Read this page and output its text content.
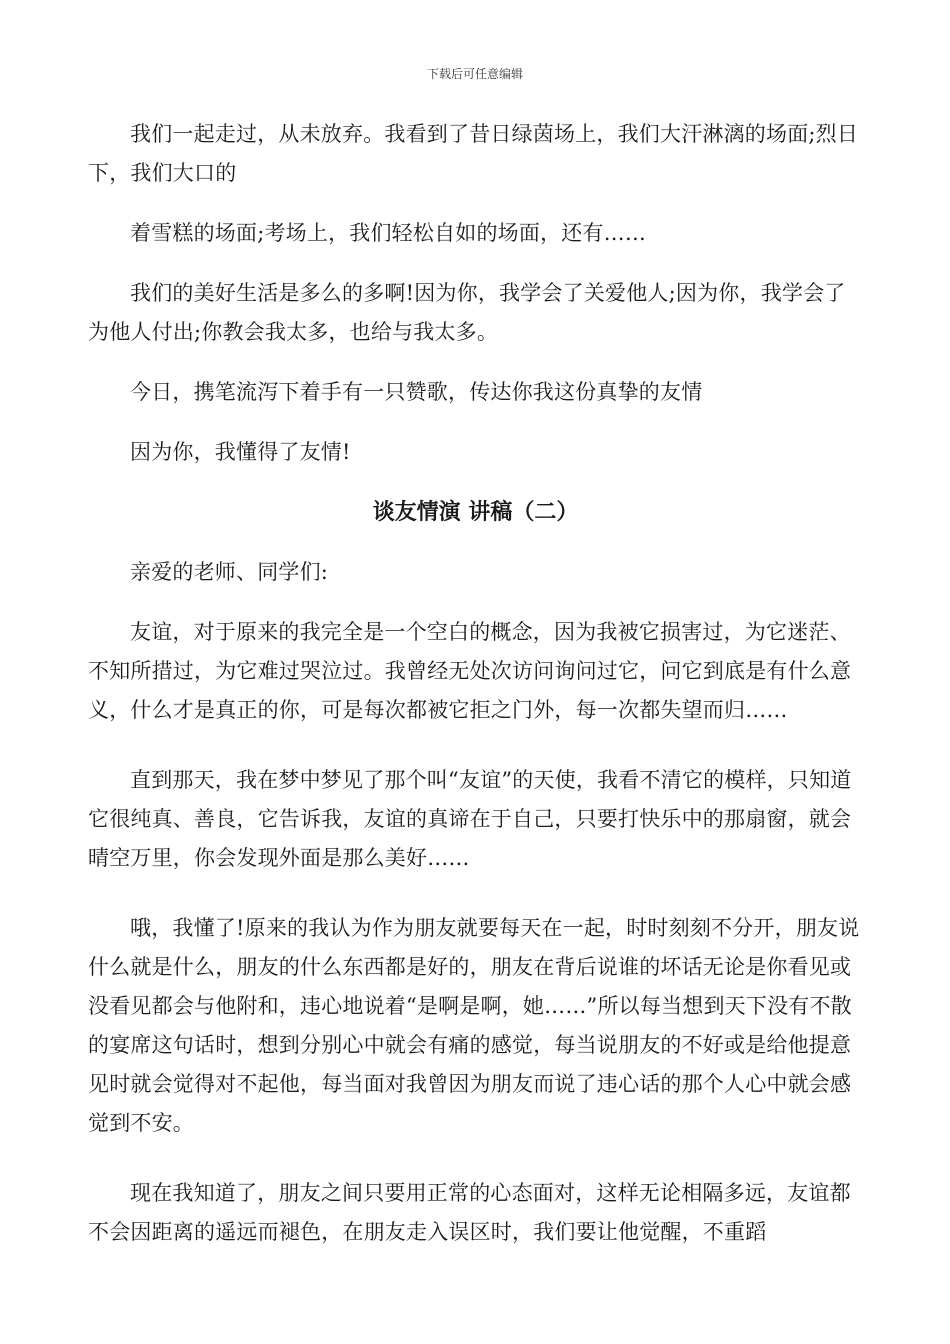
下载后可任意编辑

我们一起走过，从未放弃。我看到了昔日绿茵场上，我们大汗淋漓的场面;烈日下，我们大口的

着雪糕的场面;考场上，我们轻松自如的场面，还有……

我们的美好生活是多么的多啊!因为你，我学会了关爱他人;因为你，我学会了为他人付出;你教会我太多，也给与我太多。

今日，携笔流泻下着手有一只赞歌，传达你我这份真挚的友情

因为你，我懂得了友情!

谈友情演 讲稿（二）

亲爱的老师、同学们:

友谊，对于原来的我完全是一个空白的概念，因为我被它损害过，为它迷茫、不知所措过，为它难过哭泣过。我曾经无处次访问询问过它，问它到底是有什么意义，什么才是真正的你，可是每次都被它拒之门外，每一次都失望而归……

直到那天，我在梦中梦见了那个叫“友谊”的天使，我看不清它的模样，只知道它很纯真、善良，它告诉我，友谊的真谛在于自己，只要打快乐中的那扇窗，就会晴空万里，你会发现外面是那么美好……

哦，我懂了!原来的我认为作为朋友就要每天在一起，时时刻刻不分开，朋友说什么就是什么，朋友的什么东西都是好的，朋友在背后说谁的坏话无论是你看见或没看见都会与他附和，违心地说着“是啊是啊，她……”所以每当想到天下没有不散的宴席这句话时，想到分别心中就会有痛的感觉，每当说朋友的不好或是给他提意见时就会觉得对不起他，每当面对我曾因为朋友而说了违心话的那个人心中就会感觉到不安。

现在我知道了，朋友之间只要用正常的心态面对，这样无论相隔多远，友谊都不会因距离的遥远而褪色，在朋友走入误区时，我们要让他觉醒，不重蹈
